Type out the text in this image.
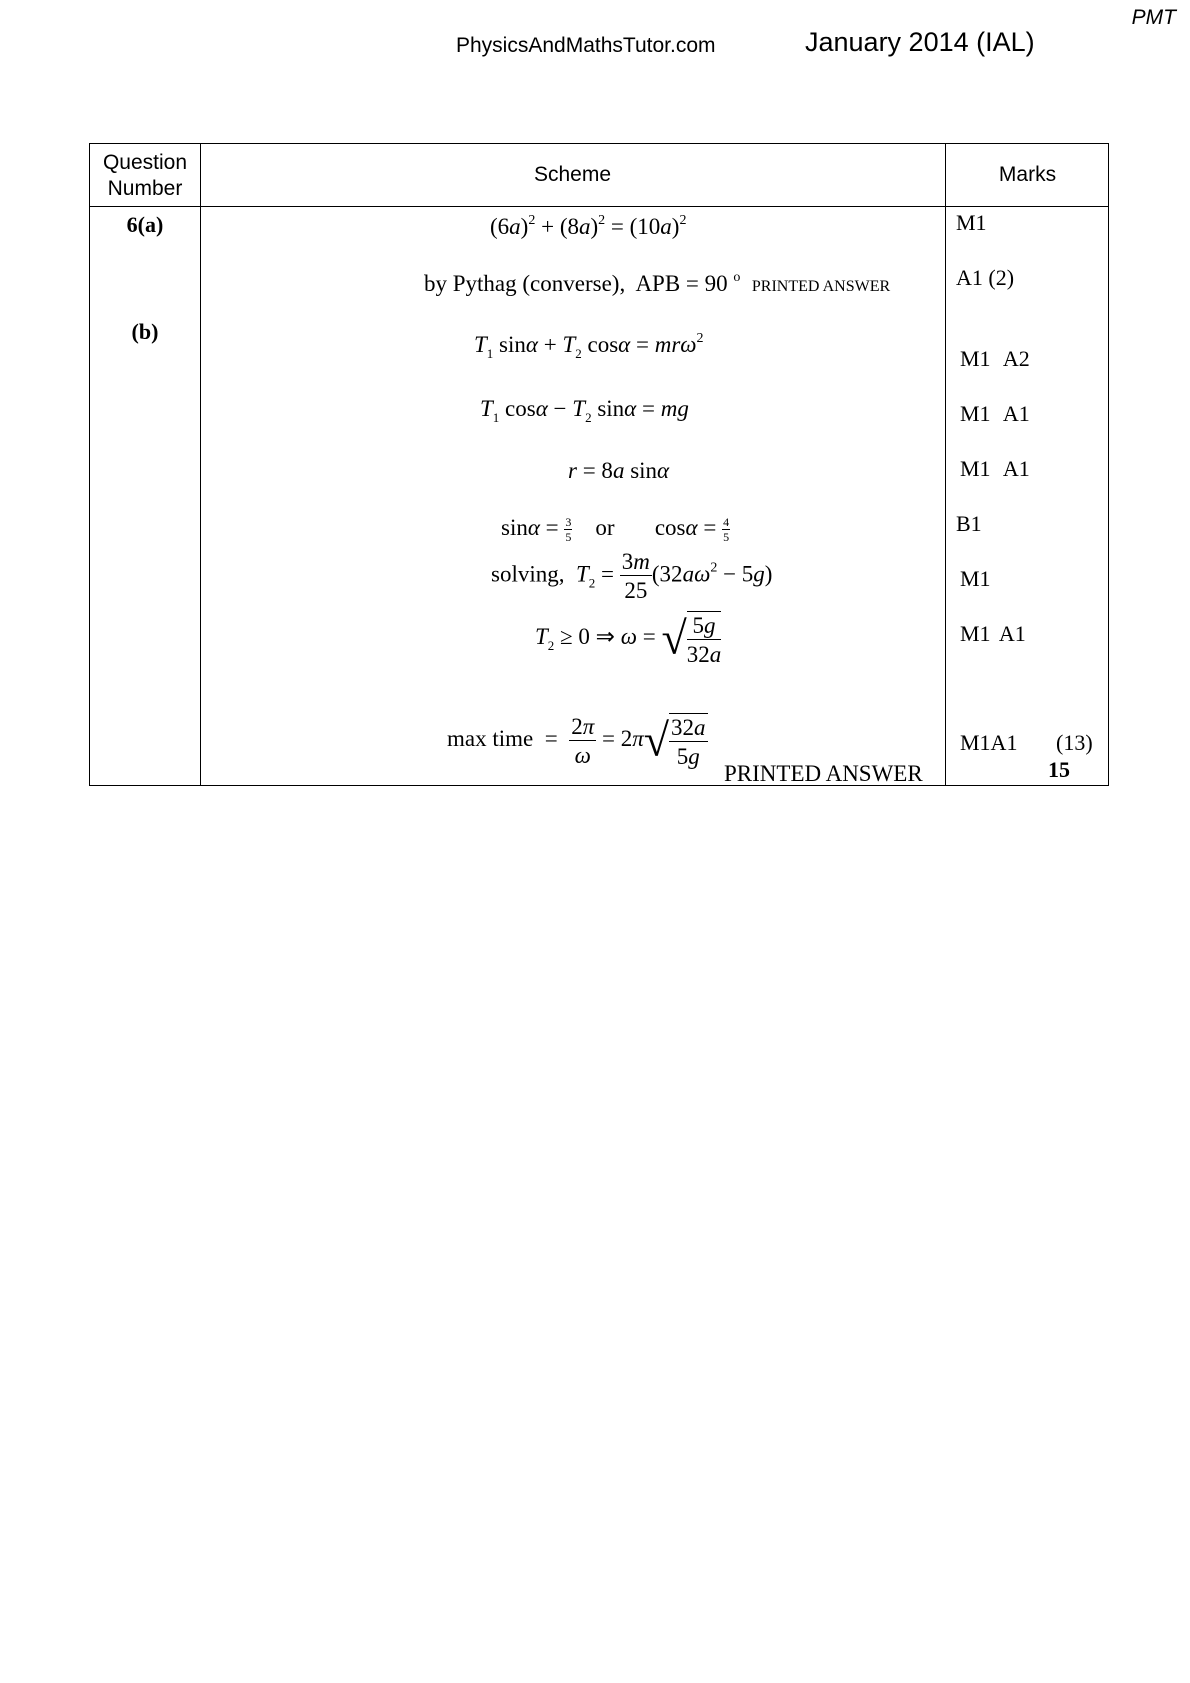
PMT
PhysicsAndMathsTutor.com	January 2014 (IAL)
Question
Number
Scheme	Marks
6(a)
(b)
$(6a)^2 + (8a)^2 = (10a)^2$
by Pythag (converse), APB = 90 $^o$  PRINTED ANSWER
$T_1$ $\sin\alpha + T_2$ cosα = mrω$^2$
$T_1$ $\cos\alpha - T_2$ sinα = mg
r = 8a sinα
$\sin\alpha = \frac{3}{5}$ or       $\cos\alpha = \frac{4}{5}$
solving, $T_2 = \frac{3m}{25} (32a\omega^2 - 5g)$
$T_2 \ge 0$ ⇒ ω = √ $\frac{5g}{32a}$
max time  = $\frac{2\pi}{\omega} = 2\pi√ \frac{32a}{5g}$
PRINTED ANSWER
M1
A1 (2)
M1 A2
M1 A1
M1 A1
B1
M1
M1 A1
M1A1 (13)
15
